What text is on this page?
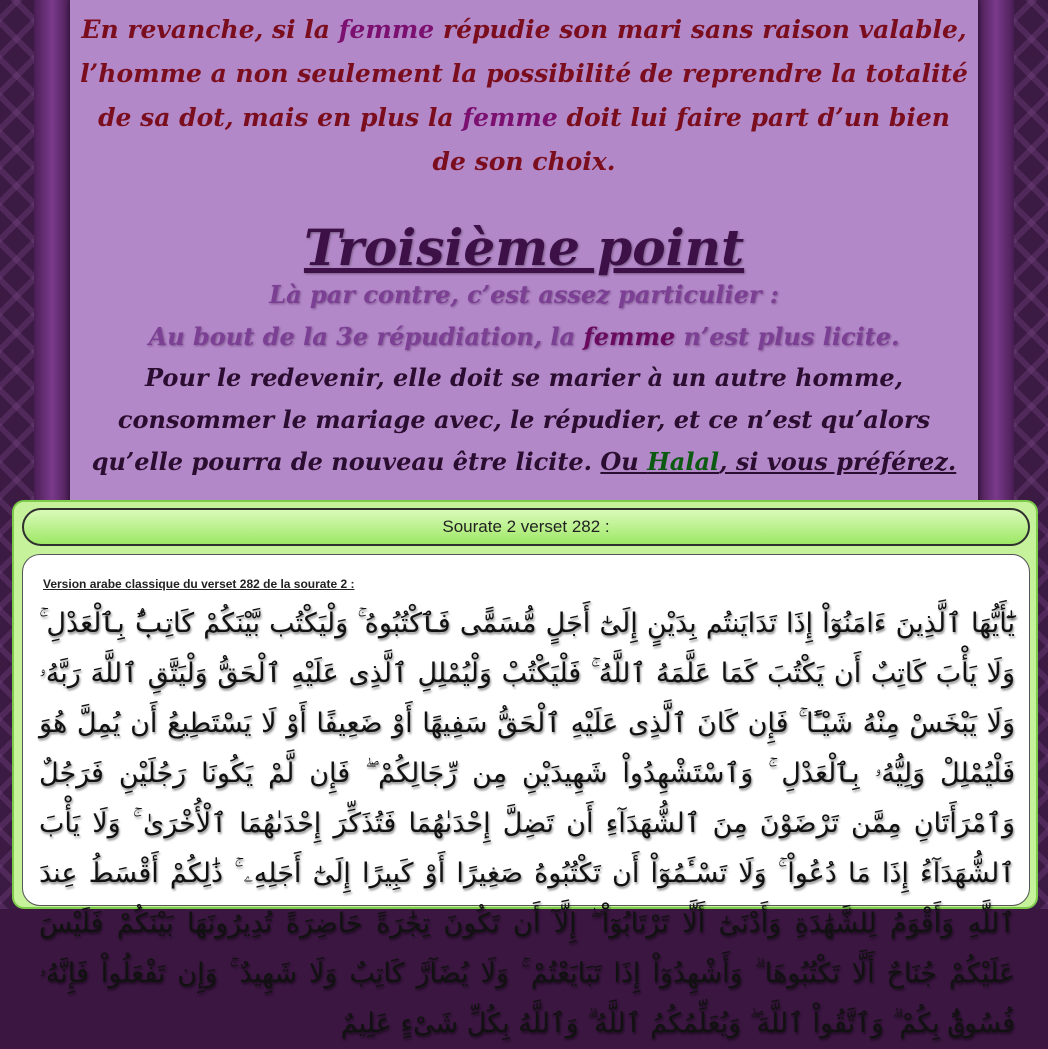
En revanche, si la femme répudie son mari sans raison valable, l’homme a non seulement la possibilité de reprendre la totalité de sa dot, mais en plus la femme doit lui faire part d’un bien de son choix.

Troisième point

Là par contre, c’est assez particulier :
Au bout de la 3e répudiation, la femme n’est plus licite.

Pour le redevenir, elle doit se marier à un autre homme, consommer le mariage avec, le répudier, et ce n’est qu’alors qu’elle pourra de nouveau être licite. Ou Halal, si vous préférez.

Sourate 2 verset 282 :
Version arabe classique du verset 282 de la sourate 2 :

يَٰٓأَيُّهَا ٱلَّذِينَ ءَامَنُوٓاْ إِذَا تَدَايَنتُم بِدَيْنٍ إِلَىٰٓ أَجَلٍ مُّسَمًّى فَٱكْتُبُوهُ ۚ وَلْيَكْتُب بَّيْنَكُمْ كَاتِبٌۢ بِٱلْعَدْلِ ۚ وَلَا يَأْبَ كَاتِبٌ أَن يَكْتُبَ كَمَا عَلَّمَهُ ٱللَّهُ ۚ فَلْيَكْتُبْ وَلْيُمْلِلِ ٱلَّذِى عَلَيْهِ ٱلْحَقُّ وَلْيَتَّقِ ٱللَّهَ رَبَّهُۥ وَلَا يَبْخَسْ مِنْهُ شَيْـًٔا ۚ فَإِن كَانَ ٱلَّذِى عَلَيْهِ ٱلْحَقُّ سَفِيهًا أَوْ ضَعِيفًا أَوْ لَا يَسْتَطِيعُ أَن يُمِلَّ هُوَ فَلْيُمْلِلْ وَلِيُّهُۥ بِٱلْعَدْلِ ۚ وَٱسْتَشْهِدُواْ شَهِيدَيْنِ مِن رِّجَالِكُمْ ۖ فَإِن لَّمْ يَكُونَا رَجُلَيْنِ فَرَجُلٌ وَٱمْرَأَتَانِ مِمَّن تَرْضَوْنَ مِنَ ٱلشُّهَدَآءِ أَن تَضِلَّ إِحْدَىٰهُمَا فَتُذَكِّرَ إِحْدَىٰهُمَا ٱلْأُخْرَىٰ ۚ وَلَا يَأْبَ ٱلشُّهَدَآءُ إِذَا مَا دُعُواْ ۚ وَلَا تَسْـَٔمُوٓاْ أَن تَكْتُبُوهُ صَغِيرًا أَوْ كَبِيرًا إِلَىٰٓ أَجَلِهِۦ ۚ ذَٰلِكُمْ أَقْسَطُ عِندَ ٱللَّهِ وَأَقْوَمُ لِلشَّهَٰدَةِ وَأَدْنَىٰٓ أَلَّا تَرْتَابُوٓاْ ۖ إِلَّآ أَن تَكُونَ تِجَٰرَةً حَاضِرَةً تُدِيرُونَهَا بَيْنَكُمْ فَلَيْسَ عَلَيْكُمْ جُنَاحٌ أَلَّا تَكْتُبُوهَا ۗ وَأَشْهِدُوٓاْ إِذَا تَبَايَعْتُمْ ۚ وَلَا يُضَآرَّ كَاتِبٌ وَلَا شَهِيدٌ ۚ وَإِن تَفْعَلُواْ فَإِنَّهُۥ فُسُوقٌۢ بِكُمْ ۗ وَٱتَّقُواْ ٱللَّهَ ۖ وَيُعَلِّمُكُمُ ٱللَّهُ ۗ وَٱللَّهُ بِكُلِّ شَىْءٍ عَلِيمٌ
